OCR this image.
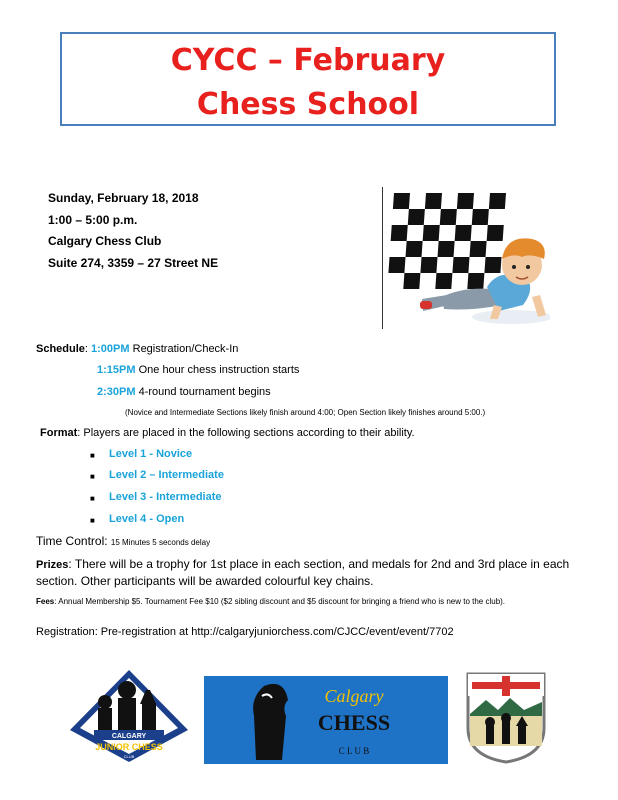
CYCC – February
Chess School
Sunday, February 18, 2018
1:00 – 5:00 p.m.
Calgary Chess Club
Suite 274, 3359 – 27 Street NE
Schedule: 1:00PM Registration/Check-In
1:15PM One hour chess instruction starts
2:30PM 4-round tournament begins
(Novice and Intermediate Sections likely finish around 4:00; Open Section likely finishes around 5:00.)
Format: Players are placed in the following sections according to their ability.
■ Level 1 - Novice
■ Level 2 – Intermediate
■ Level 3 - Intermediate
■ Level 4 - Open
Time Control: 15 Minutes 5 seconds delay
Prizes: There will be a trophy for 1st place in each section, and medals for 2nd and 3rd place in each section. Other participants will be awarded colourful key chains.
Fees: Annual Membership $5. Tournament Fee $10 ($2 sibling discount and $5 discount for bringing a friend who is new to the club).
Registration: Pre-registration at http://calgaryjuniorchess.com/CJCC/event/event/7702
CALGARY
JUNIOR CHESS
CLUB
Calgary
CHESS
C L U B
